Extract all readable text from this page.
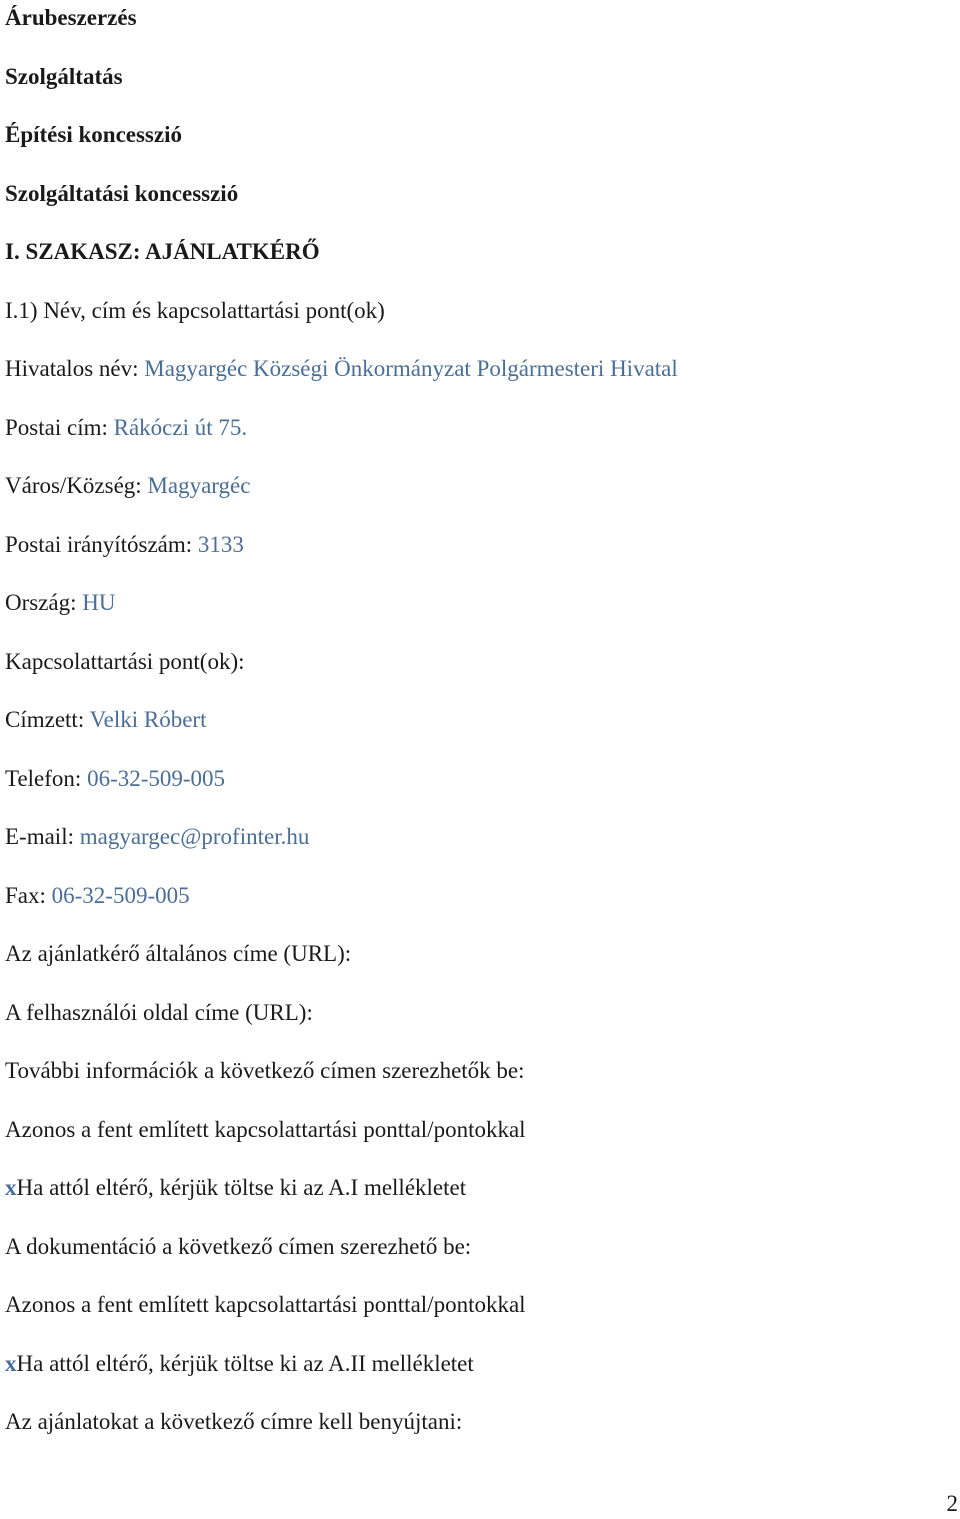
Árubeszerzés
Szolgáltatás
Építési koncesszió
Szolgáltatási koncesszió
I. SZAKASZ: AJÁNLATKÉRŐ
I.1) Név, cím és kapcsolattartási pont(ok)
Hivatalos név: Magyargéc Községi Önkormányzat Polgármesteri Hivatal
Postai cím: Rákóczi út 75.
Város/Község: Magyargéc
Postai irányítószám: 3133
Ország: HU
Kapcsolattartási pont(ok):
Címzett: Velki Róbert
Telefon: 06-32-509-005
E-mail: magyargec@profinter.hu
Fax: 06-32-509-005
Az ajánlatkérő általános címe (URL):
A felhasználói oldal címe (URL):
További információk a következő címen szerezhetők be:
Azonos a fent említett kapcsolattartási ponttal/pontokkal
xHa attól eltérő, kérjük töltse ki az A.I mellékletet
A dokumentáció a következő címen szerezhető be:
Azonos a fent említett kapcsolattartási ponttal/pontokkal
xHa attól eltérő, kérjük töltse ki az A.II mellékletet
Az ajánlatokat a következő címre kell benyújtani:
2
